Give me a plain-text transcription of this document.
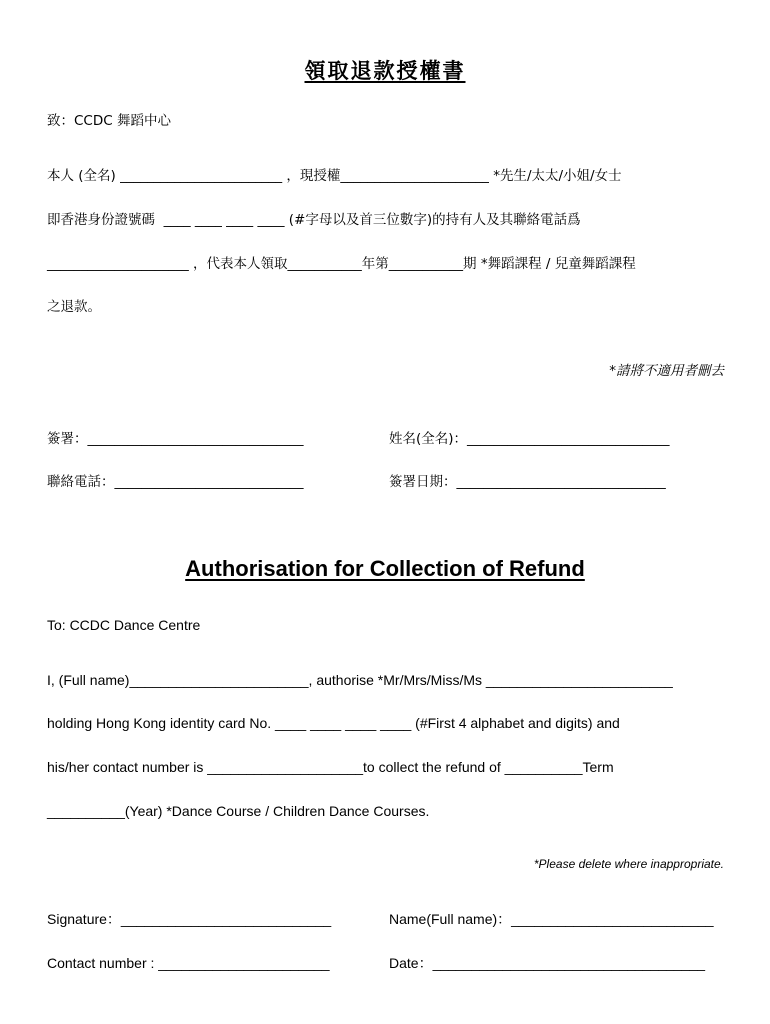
領取退款授權書
致：CCDC 舞蹈中心
本人 (全名) ________________________ ，現授權______________________ *先生/太太/小姐/女士
即香港身份證號碼  ____ ____ ____ ____ (#字母以及首三位數字)的持有人及其聯絡電話爲
_____________________ ，代表本人領取___________年第___________期 *舞蹈課程 / 兒童舞蹈課程
之退款。
*請將不適用者刪去
簽署：________________________________	姓名(全名)：______________________________
聯絡電話：____________________________	簽署日期：_______________________________
Authorisation for Collection of Refund
To: CCDC Dance Centre
I, (Full name)_______________________, authorise *Mr/Mrs/Miss/Ms ________________________
holding Hong Kong identity card No. ____ ____ ____ ____ (#First 4 alphabet and digits) and
his/her contact number is ____________________to collect the refund of __________Term
__________(Year) *Dance Course / Children Dance Courses.
*Please delete where inappropriate.
Signature：___________________________	Name(Full name)：__________________________
Contact number : ______________________	Date：___________________________________
